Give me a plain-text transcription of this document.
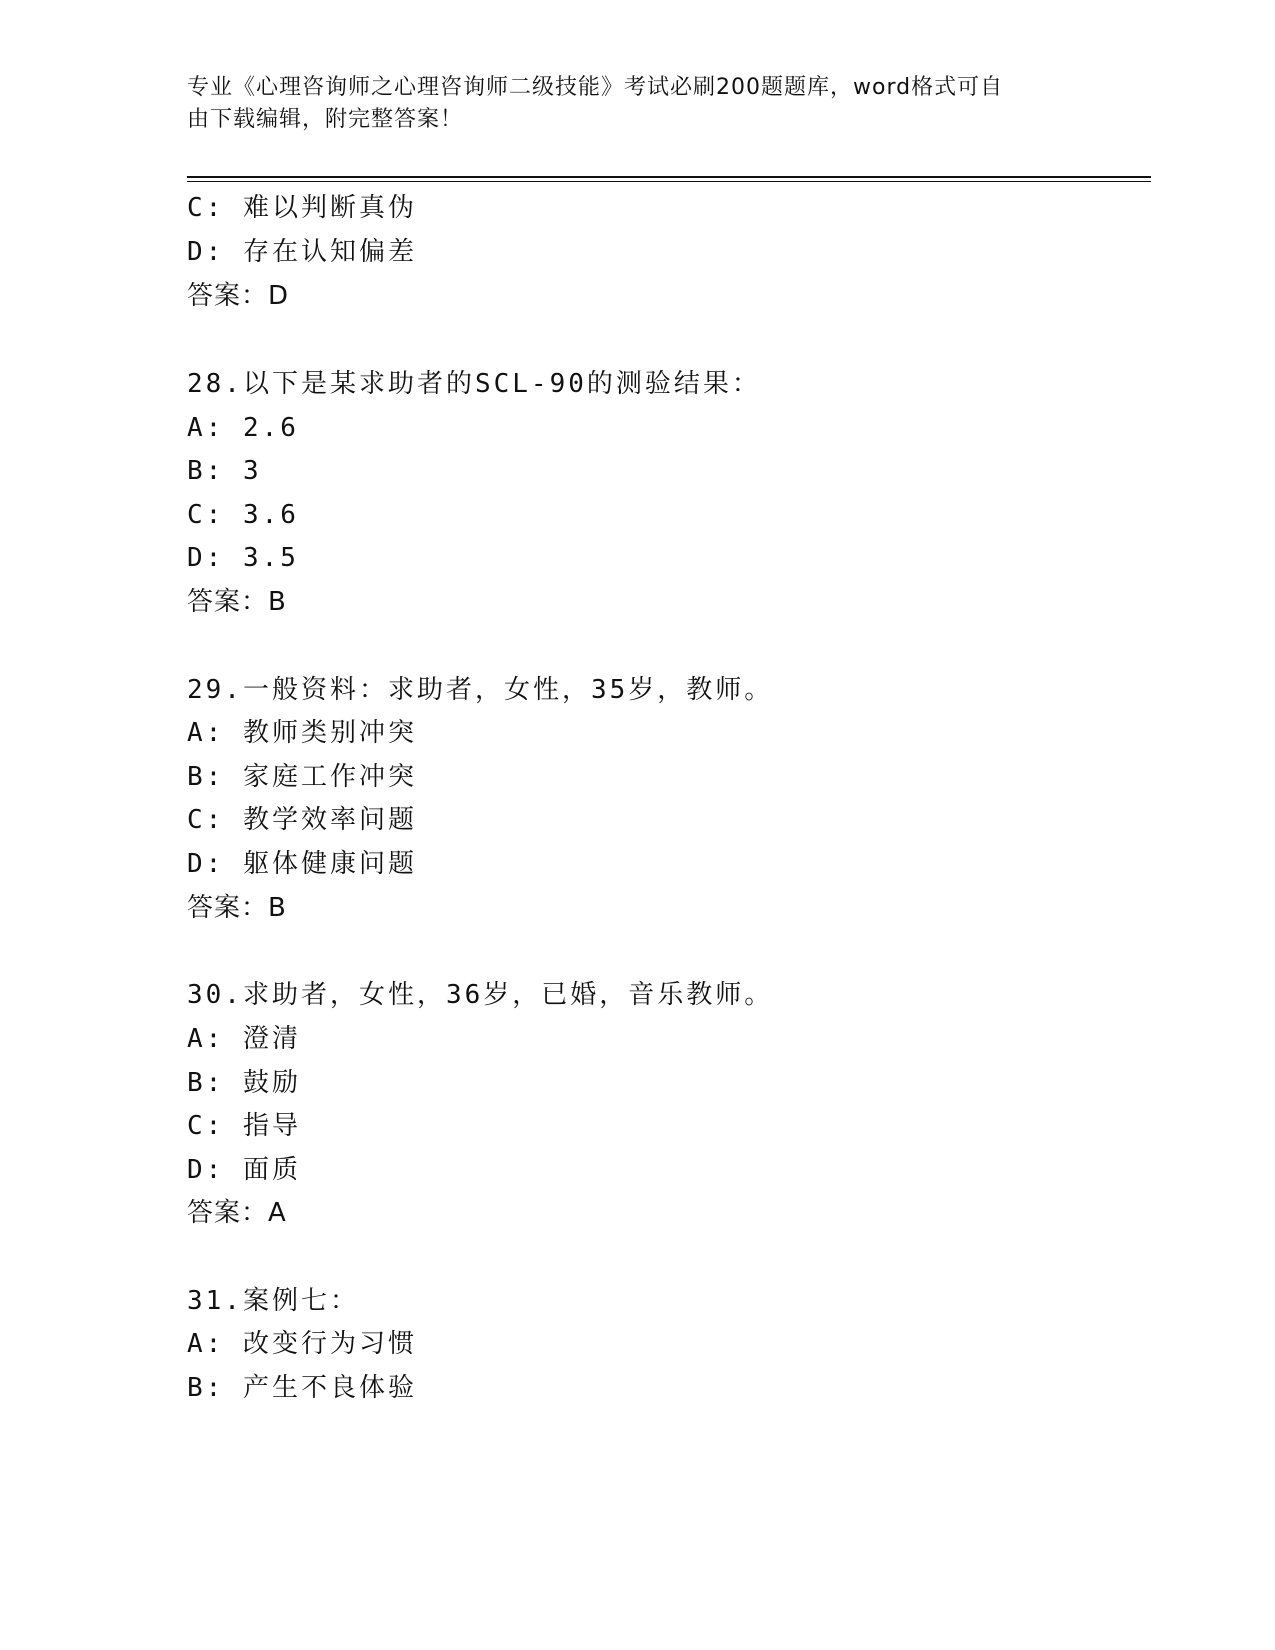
专业《心理咨询师之心理咨询师二级技能》考试必刷200题题库，word格式可自
由下载编辑，附完整答案！
C: 难以判断真伪
D: 存在认知偏差
答案：D
28.以下是某求助者的SCL-90的测验结果：
A: 2.6
B: 3
C: 3.6
D: 3.5
答案：B
29.一般资料：求助者，女性，35岁，教师。
A: 教师类别冲突
B: 家庭工作冲突
C: 教学效率问题
D: 躯体健康问题
答案：B
30.求助者，女性，36岁，已婚，音乐教师。
A: 澄清
B: 鼓励
C: 指导
D: 面质
答案：A
31.案例七：
A: 改变行为习惯
B: 产生不良体验
